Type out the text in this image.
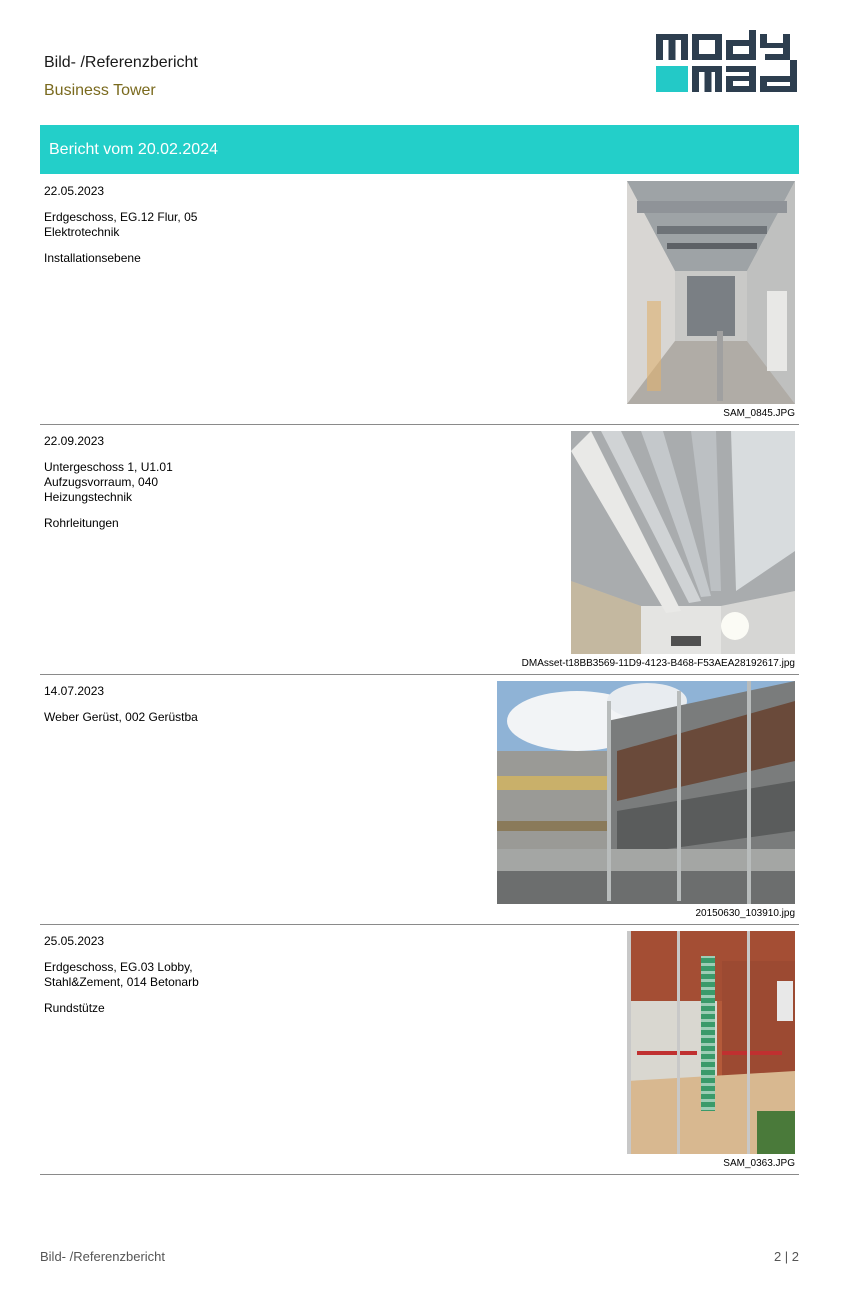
Bild- /Referenzbericht
Business Tower
Bericht vom 20.02.2024
22.05.2023
Erdgeschoss, EG.12 Flur, 05
Elektrotechnik
Installationsebene
SAM_0845.JPG
22.09.2023
Untergeschoss 1, U1.01
Aufzugsvorraum, 040
Heizungstechnik
Rohrleitungen
DMAsset-t18BB3569-11D9-4123-B468-F53AEA28192617.jpg
14.07.2023
Weber Gerüst, 002 Gerüstba
20150630_103910.jpg
25.05.2023
Erdgeschoss, EG.03 Lobby,
Stahl&Zement, 014 Betonarb
Rundstütze
SAM_0363.JPG
Bild- /Referenzbericht	2 | 2
